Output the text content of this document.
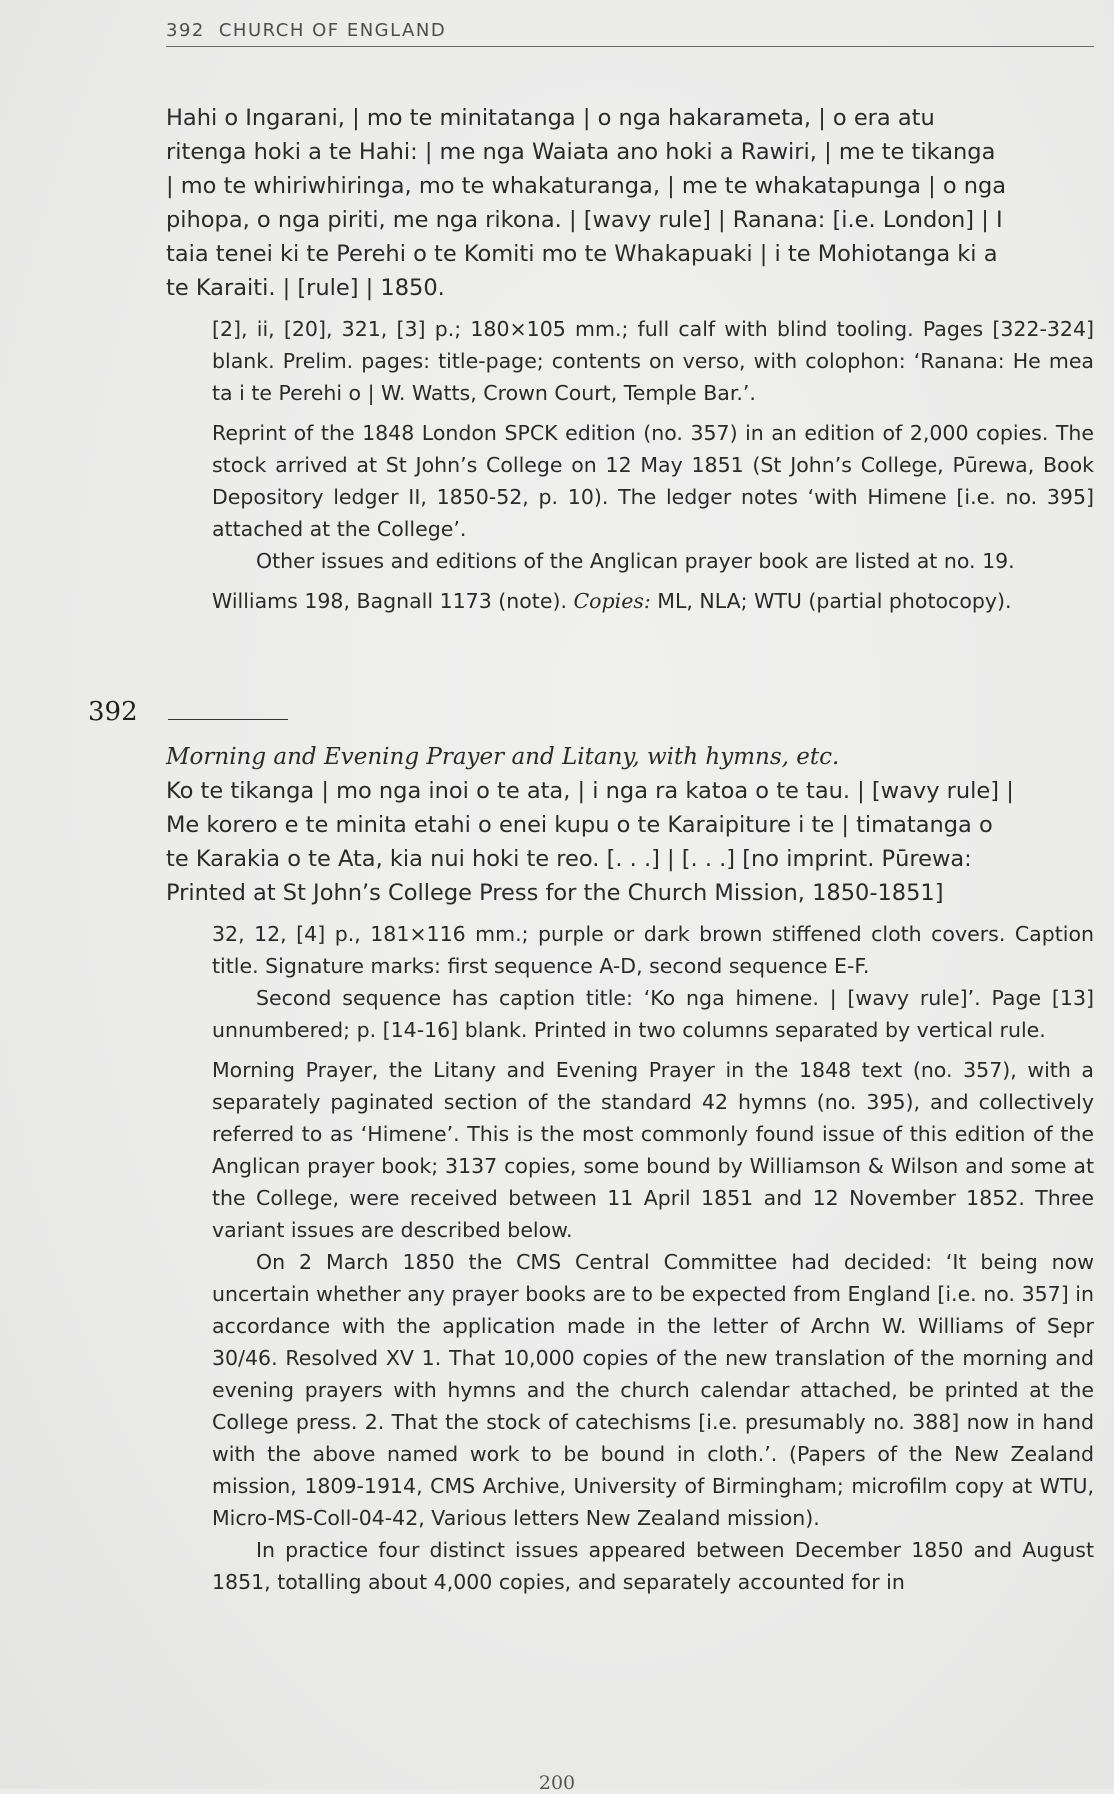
392 CHURCH OF ENGLAND

Hahi o Ingarani, | mo te minitatanga | o nga hakarameta, | o era atu
ritenga hoki a te Hahi: | me nga Waiata ano hoki a Rawiri, | me te tikanga
| mo te whiriwhiringa, mo te whakaturanga, | me te whakatapunga | o nga
pihopa, o nga piriti, me nga rikona. | [wavy rule] | Ranana: [i.e. London] | I
taia tenei ki te Perehi o te Komiti mo te Whakapuaki | i te Mohiotanga ki a
te Karaiti. | [rule] | 1850.

[2], ii, [20], 321, [3] p.; 180×105 mm.; full calf with blind tooling. Pages [322-324] blank. Prelim. pages: title-page; contents on verso, with colophon: ‘Ranana: He mea ta i te Perehi o | W. Watts, Crown Court, Temple Bar.’.

Reprint of the 1848 London SPCK edition (no. 357) in an edition of 2,000 copies. The stock arrived at St John’s College on 12 May 1851 (St John’s College, Pūrewa, Book Depository ledger II, 1850-52, p. 10). The ledger notes ‘with Himene [i.e. no. 395] attached at the College’.

Other issues and editions of the Anglican prayer book are listed at no. 19.

Williams 198, Bagnall 1173 (note). Copies: ML, NLA; WTU (partial photocopy).

392

Morning and Evening Prayer and Litany, with hymns, etc.

Ko te tikanga | mo nga inoi o te ata, | i nga ra katoa o te tau. | [wavy rule] |
Me korero e te minita etahi o enei kupu o te Karaipiture i te | timatanga o
te Karakia o te Ata, kia nui hoki te reo. [. . .] | [. . .] [no imprint. Pūrewa:
Printed at St John’s College Press for the Church Mission, 1850-1851]

32, 12, [4] p., 181×116 mm.; purple or dark brown stiffened cloth covers. Caption title. Signature marks: first sequence A-D, second sequence E-F.

Second sequence has caption title: ‘Ko nga himene. | [wavy rule]’. Page [13] unnumbered; p. [14-16] blank. Printed in two columns separated by vertical rule.

Morning Prayer, the Litany and Evening Prayer in the 1848 text (no. 357), with a separately paginated section of the standard 42 hymns (no. 395), and collectively referred to as ‘Himene’. This is the most commonly found issue of this edition of the Anglican prayer book; 3137 copies, some bound by Williamson & Wilson and some at the College, were received between 11 April 1851 and 12 November 1852. Three variant issues are described below.

On 2 March 1850 the CMS Central Committee had decided: ‘It being now uncertain whether any prayer books are to be expected from England [i.e. no. 357] in accordance with the application made in the letter of Archn W. Williams of Sepr 30/46. Resolved XV 1. That 10,000 copies of the new translation of the morning and evening prayers with hymns and the church calendar attached, be printed at the College press. 2. That the stock of catechisms [i.e. presumably no. 388] now in hand with the above named work to be bound in cloth.’. (Papers of the New Zealand mission, 1809-1914, CMS Archive, University of Birmingham; microfilm copy at WTU, Micro-MS-Coll-04-42, Various letters New Zealand mission).

In practice four distinct issues appeared between December 1850 and August 1851, totalling about 4,000 copies, and separately accounted for in

200
